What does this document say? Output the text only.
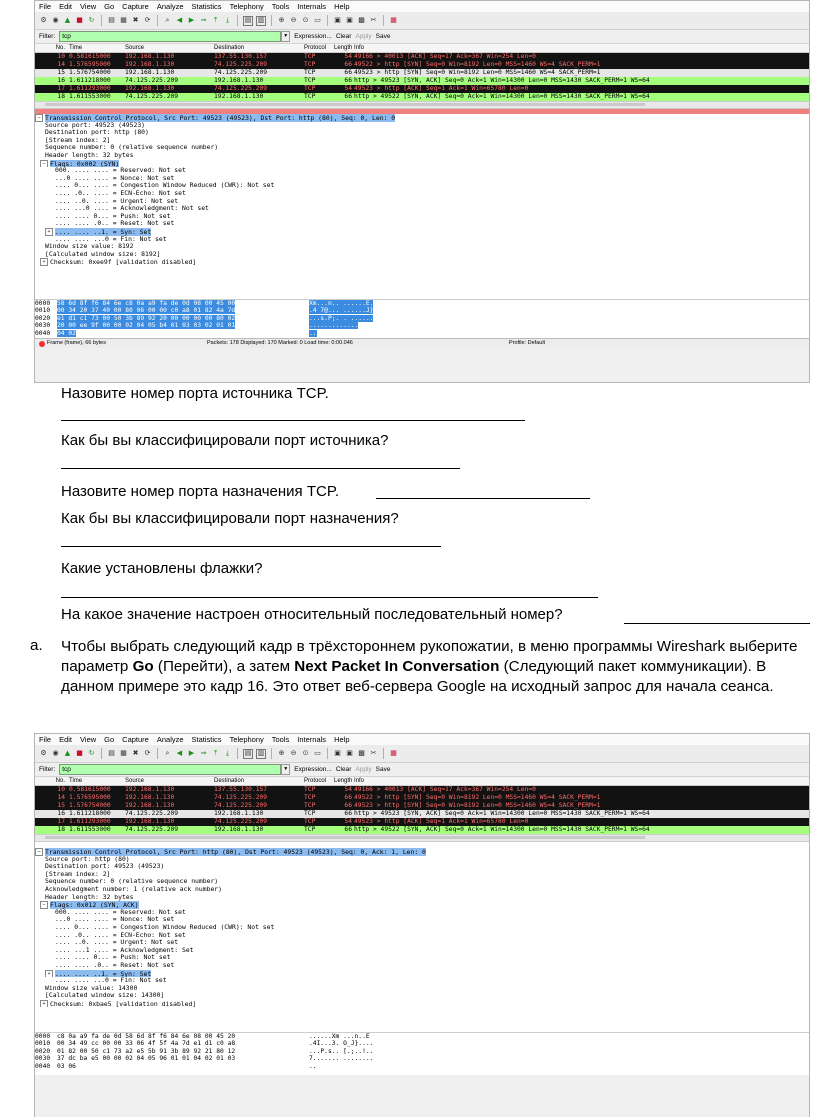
File Edit View Go Capture Analyze Statistics Telephony Tools Internals Help
⚙ ◉ ▲ ■ ↻ ▤ ▦ ✖ ⟳	⌕	◀ ▶ ⇒	⤒	⤓	▤ ▥ ⊕ ⊖ ⊙ ▭ ▣ ▣ ▩ ✂ ▦
Filter:	tcp	▼ Expression... Clear Apply Save
No. Time	Source	Destination	Protocol	Length Info
10 0.581615000	192.168.1.130	137.55.130.157	TCP	54 49166 > 40013 [ACK] Seq=17 Ack=367 Win=254 Len=0
14 1.576595000	192.168.1.130	74.125.225.209	TCP	66 49522 > http [SYN] Seq=0 Win=8192 Len=0 MSS=1460 WS=4 SACK_PERM=1
15 1.576754000	192.168.1.130	74.125.225.209	TCP	66 49523 > http [SYN] Seq=0 Win=8192 Len=0 MSS=1460 WS=4 SACK_PERM=1
16 1.611218000	74.125.225.209	192.168.1.130	TCP	66 http > 49523 [SYN, ACK] Seq=0 Ack=1 Win=14300 Len=0 MSS=1430 SACK_PERM=1 WS=64
17 1.611293000	192.168.1.130	74.125.225.209	TCP	54 49523 > http [ACK] Seq=1 Ack=1 Win=65780 Len=0
18 1.611553000	74.125.225.209	192.168.1.130	TCP	66 http > 49522 [SYN, ACK] Seq=0 Ack=1 Win=14300 Len=0 MSS=1430 SACK_PERM=1 WS=64
− Transmission Control Protocol, Src Port: 49523 (49523), Dst Port: http (80), Seq: 0, Len: 0
Source port: 49523 (49523)
Destination port: http (80)
[Stream index: 2]
Sequence number: 0 (relative sequence number)
Header length: 32 bytes
− Flags: 0x002 (SYN)
000. .... .... = Reserved: Not set
...0 .... .... = Nonce: Not set
.... 0... .... = Congestion Window Reduced (CWR): Not set
.... .0.. .... = ECN-Echo: Not set
.... ..0. .... = Urgent: Not set
.... ...0 .... = Acknowledgment: Not set
.... .... 0... = Push: Not set
.... .... .0.. = Reset: Not set
+ .... .... ..1. = Syn: Set
.... .... ...0 = Fin: Not set
Window size value: 8192
[Calculated window size: 8192]
+ Checksum: 0xee9f [validation disabled]
0000	58 6d 8f f6 84 6e c8 0a a9 fa de 0d 08 00 45 00	Xm...n.. ......E.
0010	00 34 20 37 40 00 80 06 00 00 c0 a8 01 82 4a 7d	.4 7@... ......J}
0020	e1 d1 c1 73 00 50 3b 89 92 20 00 00 00 00 80 02	...s.P;. . ......
0030	20 00 ee 9f 00 00 02 04 05 b4 01 03 03 02 01 01	.............
0040	04 02	..
Frame (frame), 66 bytes	Packets: 178 Displayed: 170 Marked: 0 Load time: 0:00.046	Profile: Default
Назовите номер порта источника TCP.
Как бы вы классифицировали порт источника?
Назовите номер порта назначения TCP.
Как бы вы классифицировали порт назначения?
Какие установлены флажки?
На какое значение настроен относительный последовательный номер?
a. Чтобы выбрать следующий кадр в трёхстороннем рукопожатии, в меню программы Wireshark выберите параметр Go (Перейти), а затем Next Packet In Conversation (Следующий пакет коммуникации). В данном примере это кадр 16. Это ответ веб-сервера Google на исходный запрос для начала сеанса.
File Edit View Go Capture Analyze Statistics Telephony Tools Internals Help
⚙ ◉ ▲ ■ ↻ ▤ ▦ ✖ ⟳	⌕	◀ ▶ ⇒	⤒	⤓	▤ ▥ ⊕ ⊖ ⊙ ▭ ▣ ▣ ▩ ✂ ▦
Filter:	tcp	▼ Expression... Clear Apply Save
No. Time	Source	Destination	Protocol	Length Info
10 0.581615000	192.168.1.130	137.55.130.157	TCP	54 49166 > 40013 [ACK] Seq=17 Ack=367 Win=254 Len=0
14 1.576595000	192.168.1.130	74.125.225.209	TCP	66 49522 > http [SYN] Seq=0 Win=8192 Len=0 MSS=1460 WS=4 SACK_PERM=1
15 1.576754000	192.168.1.130	74.125.225.209	TCP	66 49523 > http [SYN] Seq=0 Win=8192 Len=0 MSS=1460 WS=4 SACK_PERM=1
16 1.611218000	74.125.225.209	192.168.1.130	TCP	66 http > 49523 [SYN, ACK] Seq=0 Ack=1 Win=14300 Len=0 MSS=1430 SACK_PERM=1 WS=64
17 1.611293000	192.168.1.130	74.125.225.209	TCP	54 49523 > http [ACK] Seq=1 Ack=1 Win=65780 Len=0
18 1.611553000	74.125.225.209	192.168.1.130	TCP	66 http > 49522 [SYN, ACK] Seq=0 Ack=1 Win=14300 Len=0 MSS=1430 SACK_PERM=1 WS=64
− Transmission Control Protocol, Src Port: http (80), Dst Port: 49523 (49523), Seq: 0, Ack: 1, Len: 0
Source port: http (80)
Destination port: 49523 (49523)
[Stream index: 2]
Sequence number: 0 (relative sequence number)
Acknowledgment number: 1 (relative ack number)
Header length: 32 bytes
− Flags: 0x012 (SYN, ACK)
000. .... .... = Reserved: Not set
...0 .... .... = Nonce: Not set
.... 0... .... = Congestion Window Reduced (CWR): Not set
.... .0.. .... = ECN-Echo: Not set
.... ..0. .... = Urgent: Not set
.... ...1 .... = Acknowledgment: Set
.... .... 0... = Push: Not set
.... .... .0.. = Reset: Not set
+ .... .... ..1. = Syn: Set
.... .... ...0 = Fin: Not set
Window size value: 14300
[Calculated window size: 14300]
+ Checksum: 0xbae5 [validation disabled]
0000	c8 0a a9 fa de 0d 58 6d 8f f6 84 6e 08 00 45 20	......Xm ...n..E
0010	00 34 49 cc 00 00 33 06 4f 5f 4a 7d e1 d1 c0 a8	.4I...3. O_J}....
0020	01 82 00 50 c1 73 a2 e5 5b 91 3b 89 92 21 80 12	...P.s.. [.;..!..
0030	37 dc ba e5 00 00 02 04 05 96 01 01 04 02 01 03	7....... ........
0040	03 06	..
